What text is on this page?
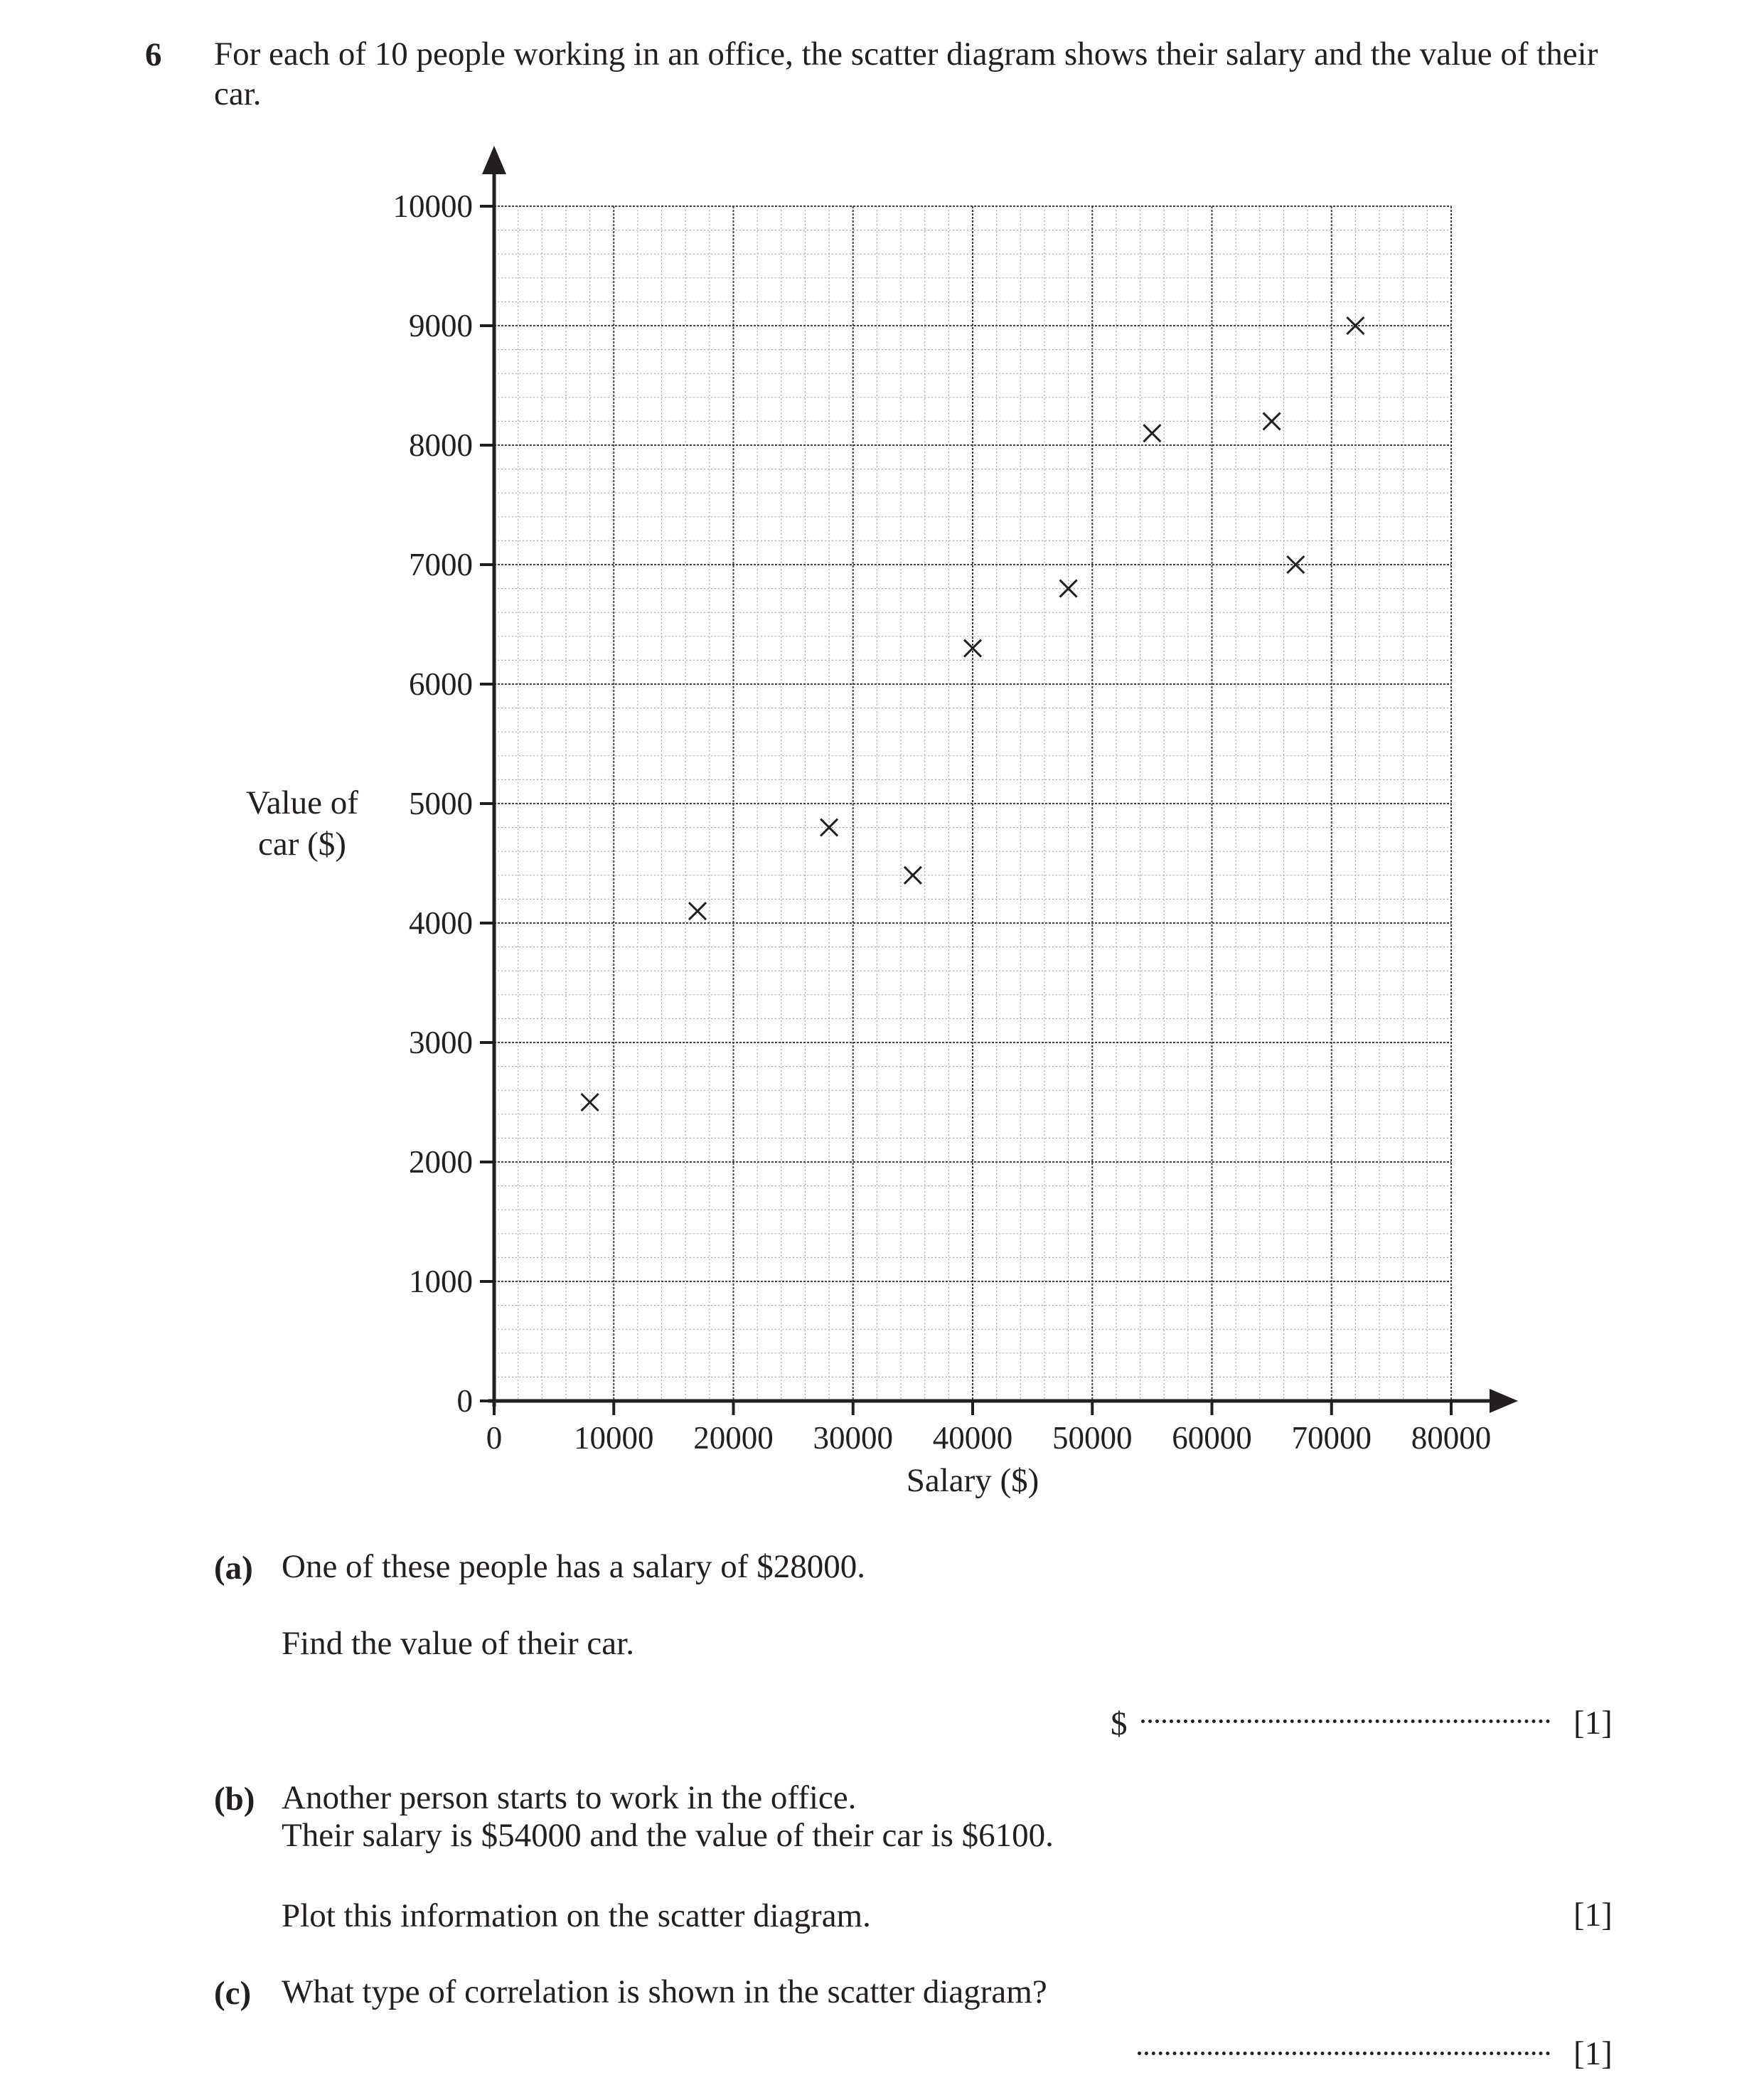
6 For each of 10 people working in an office, the scatter diagram shows their salary and the value of their car.
0
1000
2000
3000
4000
5000
6000
7000
8000
9000
10000
0 10000 20000 30000 40000 50000 60000 70000 80000
Salary ($)
Value of
car ($)
(a) One of these people has a salary of $28000.
Find the value of their car.
$	[1]
(b) Another person starts to work in the office.
Their salary is $54000 and the value of their car is $6100.
Plot this information on the scatter diagram.	[1]
(c) What type of correlation is shown in the scatter diagram?
[1]
